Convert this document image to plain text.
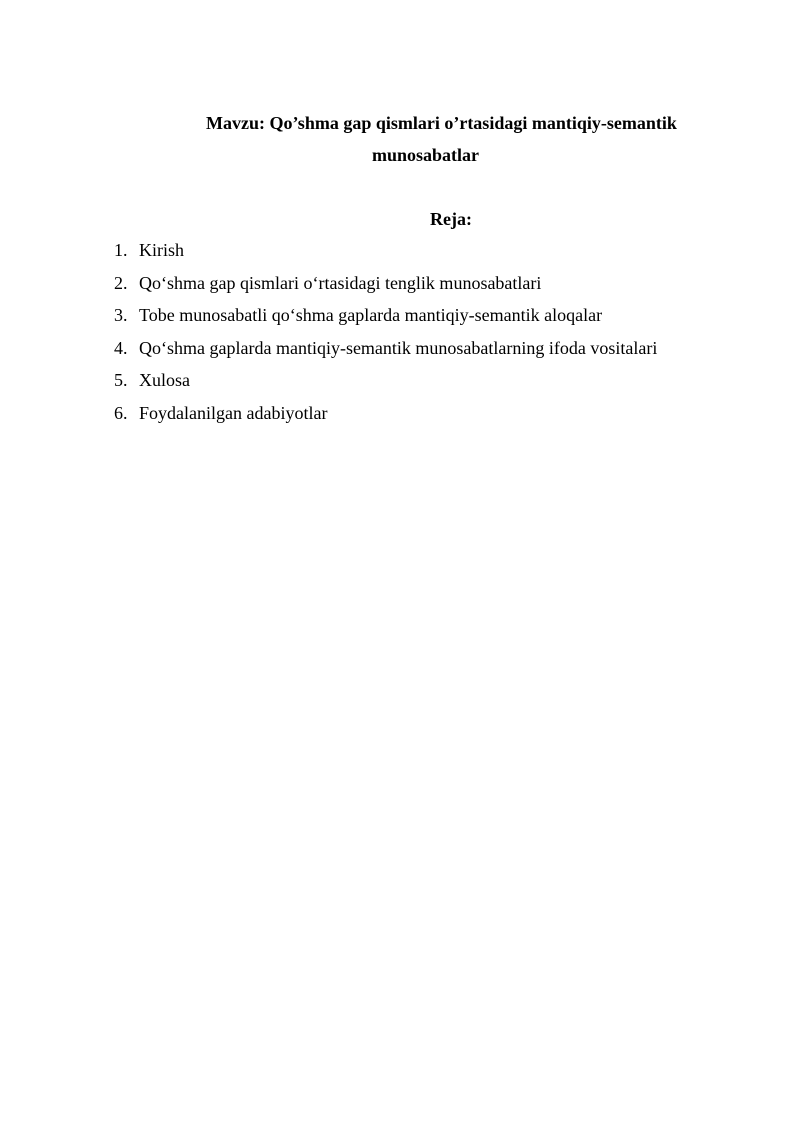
Mavzu: Qo’shma gap qismlari o’rtasidagi mantiqiy-semantik
munosabatlar
Reja:
1. Kirish
2. Qo‘shma gap qismlari o‘rtasidagi tenglik munosabatlari
3. Tobe munosabatli qo‘shma gaplarda mantiqiy-semantik aloqalar
4. Qo‘shma gaplarda mantiqiy-semantik munosabatlarning ifoda vositalari
5. Xulosa
6. Foydalanilgan adabiyotlar
